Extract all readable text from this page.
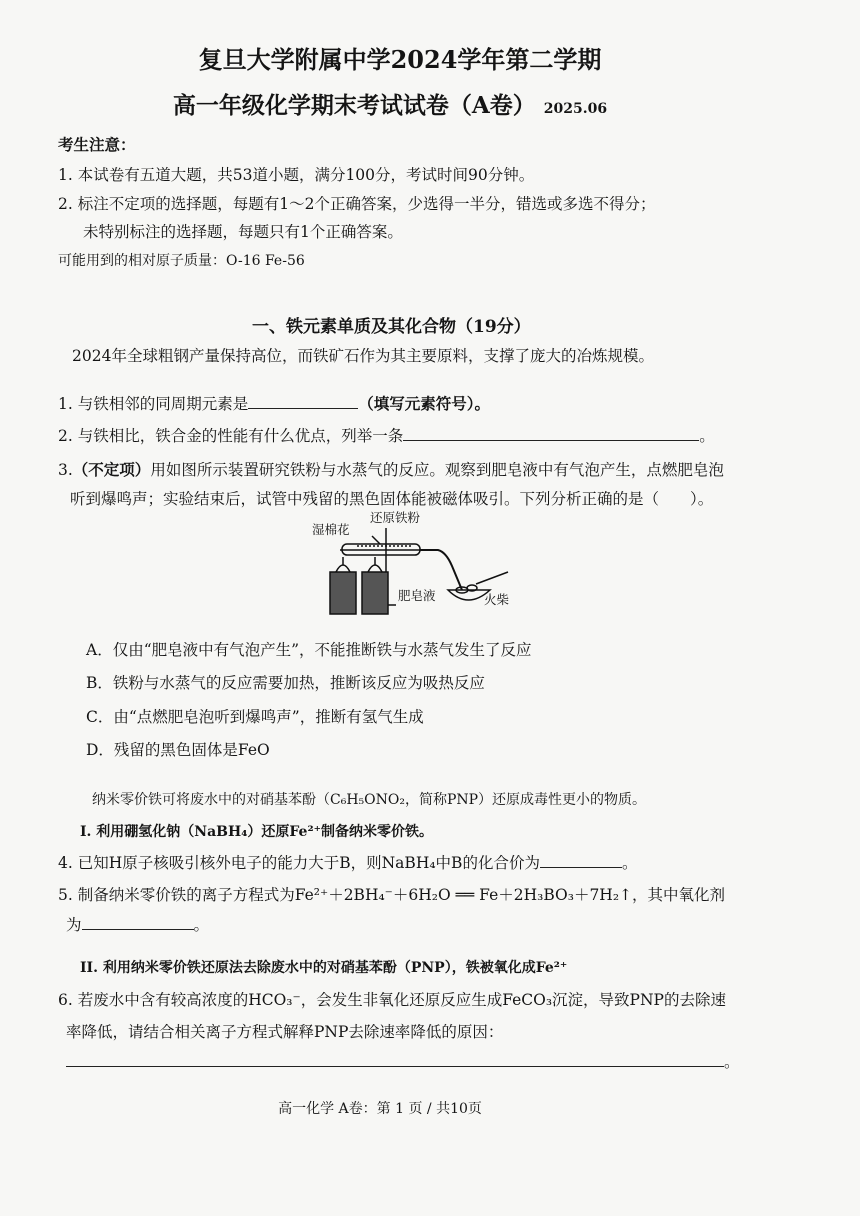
复旦大学附属中学2024学年第二学期
高一年级化学期末考试试卷（A卷） 2025.06
考生注意：
1. 本试卷有五道大题，共53道小题，满分100分，考试时间90分钟。
2. 标注不定项的选择题，每题有1～2个正确答案，少选得一半分，错选或多选不得分；
未特别标注的选择题，每题只有1个正确答案。
可能用到的相对原子质量：O-16 Fe-56
一、铁元素单质及其化合物（19分）
2024年全球粗钢产量保持高位，而铁矿石作为其主要原料，支撑了庞大的冶炼规模。
1. 与铁相邻的同周期元素是	（填写元素符号）。
2. 与铁相比，铁合金的性能有什么优点，列举一条	。
3.（不定项）用如图所示装置研究铁粉与水蒸气的反应。观察到肥皂液中有气泡产生，点燃肥皂泡
听到爆鸣声；实验结束后，试管中残留的黑色固体能被磁体吸引。下列分析正确的是（　　）。
湿棉花
还原铁粉
肥皂液	火柴
A．仅由“肥皂液中有气泡产生”，不能推断铁与水蒸气发生了反应
B．铁粉与水蒸气的反应需要加热，推断该反应为吸热反应
C．由“点燃肥皂泡听到爆鸣声”，推断有氢气生成
D．残留的黑色固体是FeO
纳米零价铁可将废水中的对硝基苯酚（C₆H₅ONO₂，简称PNP）还原成毒性更小的物质。
I. 利用硼氢化钠（NaBH₄）还原Fe²⁺制备纳米零价铁。
4. 已知H原子核吸引核外电子的能力大于B，则NaBH₄中B的化合价为	。
5. 制备纳米零价铁的离子方程式为Fe²⁺＋2BH₄⁻＋6H₂O ══ Fe＋2H₃BO₃＋7H₂↑，其中氧化剂
为	。
II. 利用纳米零价铁还原法去除废水中的对硝基苯酚（PNP），铁被氧化成Fe²⁺
6. 若废水中含有较高浓度的HCO₃⁻，会发生非氧化还原反应生成FeCO₃沉淀，导致PNP的去除速
率降低，请结合相关离子方程式解释PNP去除速率降低的原因：
。
高一化学 A卷：第 1 页 / 共10页
